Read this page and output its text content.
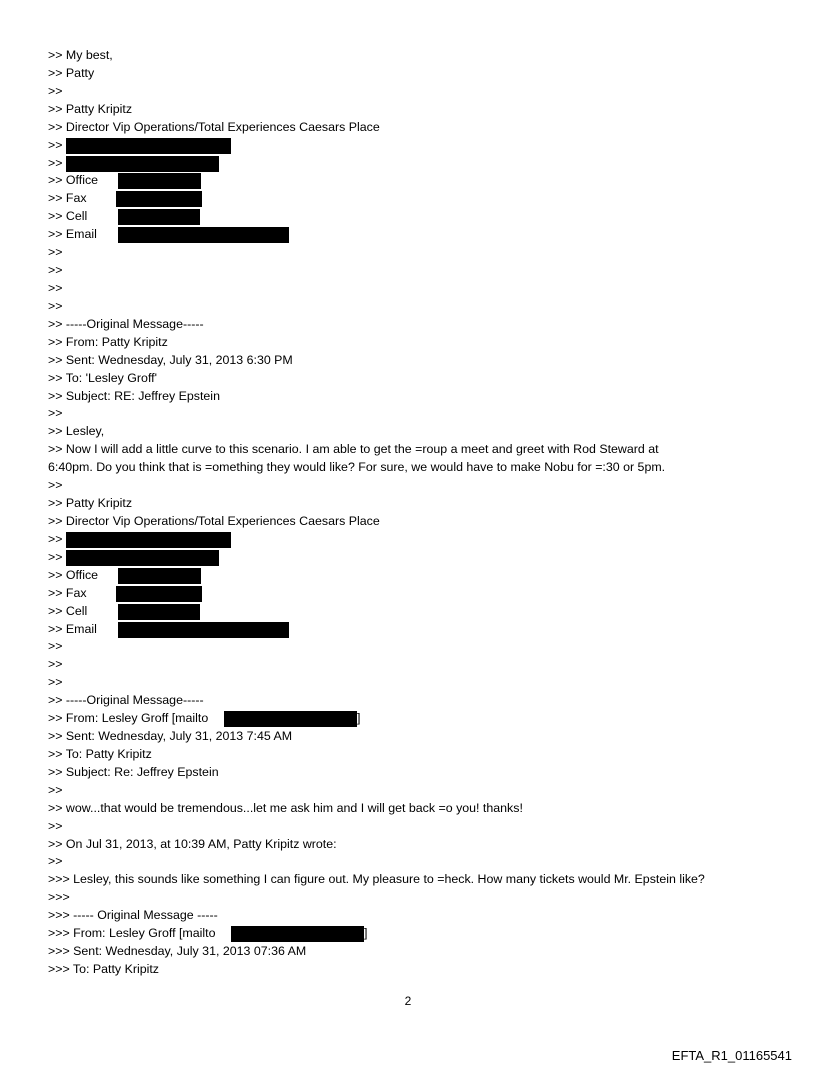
>> My best,
>> Patty
>>
>> Patty Kripitz
>> Director Vip Operations/Total Experiences Caesars Place
>>
>>
>> Office
>> Fax
>> Cell
>> Email
>>
>>
>>
>>
>> -----Original Message-----
>> From: Patty Kripitz
>> Sent: Wednesday, July 31, 2013 6:30 PM
>> To: 'Lesley Groff'
>> Subject: RE: Jeffrey Epstein
>>
>> Lesley,
>> Now I will add a little curve to this scenario. I am able to get the =roup a meet and greet with Rod Steward at
6:40pm. Do you think that is =omething they would like? For sure, we would have to make Nobu for =:30 or 5pm.
>>
>> Patty Kripitz
>> Director Vip Operations/Total Experiences Caesars Place
>>
>>
>> Office
>> Fax
>> Cell
>> Email
>>
>>
>>
>> -----Original Message-----
>> From: Lesley Groff [mailto	]
>> Sent: Wednesday, July 31, 2013 7:45 AM
>> To: Patty Kripitz
>> Subject: Re: Jeffrey Epstein
>>
>> wow...that would be tremendous...let me ask him and I will get back =o you! thanks!
>>
>> On Jul 31, 2013, at 10:39 AM, Patty Kripitz wrote:
>>
>>> Lesley, this sounds like something I can figure out. My pleasure to =heck. How many tickets would Mr. Epstein like?
>>>
>>> ----- Original Message -----
>>> From: Lesley Groff [mailto	]
>>> Sent: Wednesday, July 31, 2013 07:36 AM
>>> To: Patty Kripitz
2
EFTA_R1_01165541
